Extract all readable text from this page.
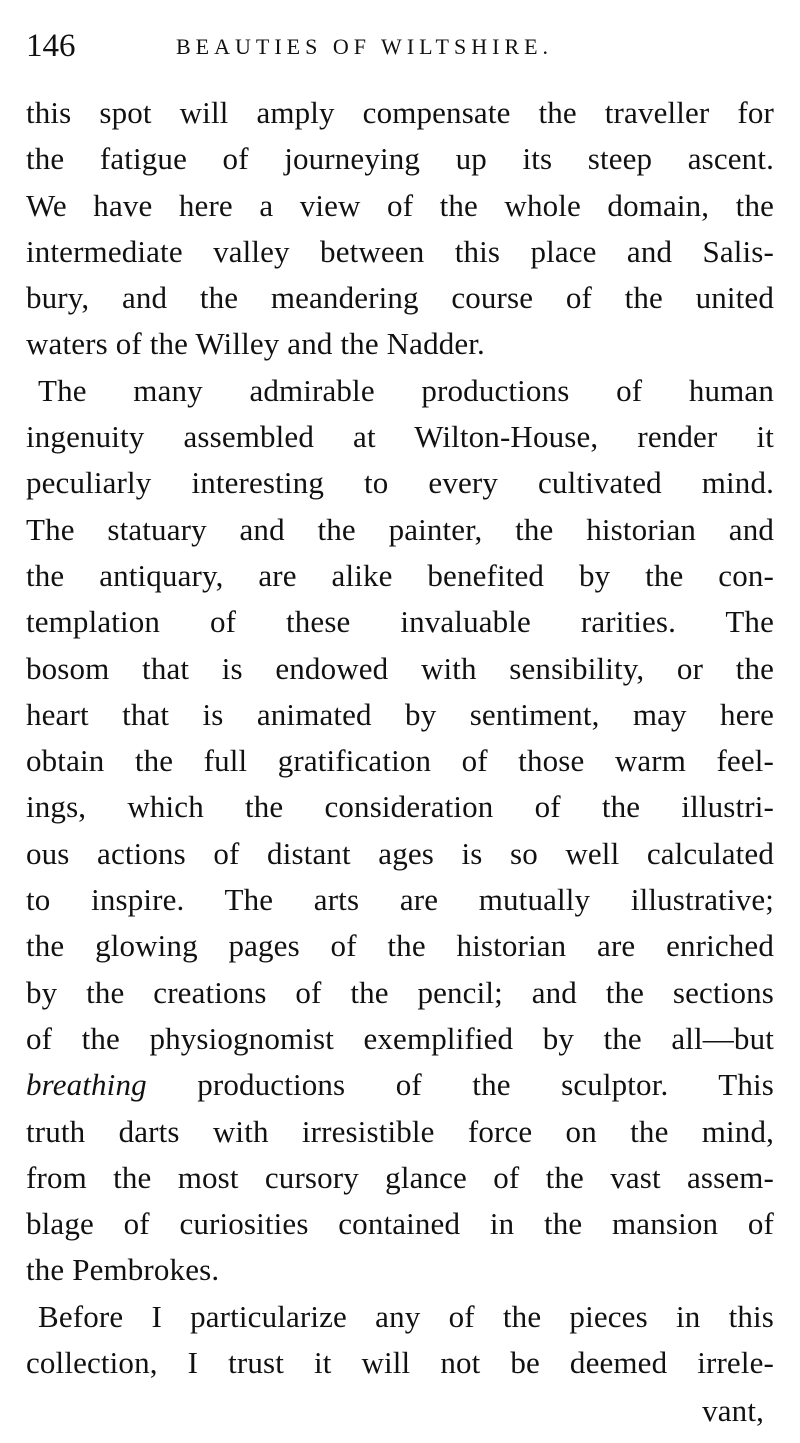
146	BEAUTIES OF WILTSHIRE.
this spot will amply compensate the traveller for
the fatigue of journeying up its steep ascent.
We have here a view of the whole domain, the
intermediate valley between this place and Salis-
bury, and the meandering course of the united
waters of the Willey and the Nadder.
The many admirable productions of human
ingenuity assembled at Wilton-House, render it
peculiarly interesting to every cultivated mind.
The statuary and the painter, the historian and
the antiquary, are alike benefited by the con-
templation of these invaluable rarities. The
bosom that is endowed with sensibility, or the
heart that is animated by sentiment, may here
obtain the full gratification of those warm feel-
ings, which the consideration of the illustri-
ous actions of distant ages is so well calculated
to inspire. The arts are mutually illustrative;
the glowing pages of the historian are enriched
by the creations of the pencil; and the sections
of the physiognomist exemplified by the all—but
breathing productions of the sculptor. This
truth darts with irresistible force on the mind,
from the most cursory glance of the vast assem-
blage of curiosities contained in the mansion of
the Pembrokes.
Before I particularize any of the pieces in this
collection, I trust it will not be deemed irrele-
vant,
